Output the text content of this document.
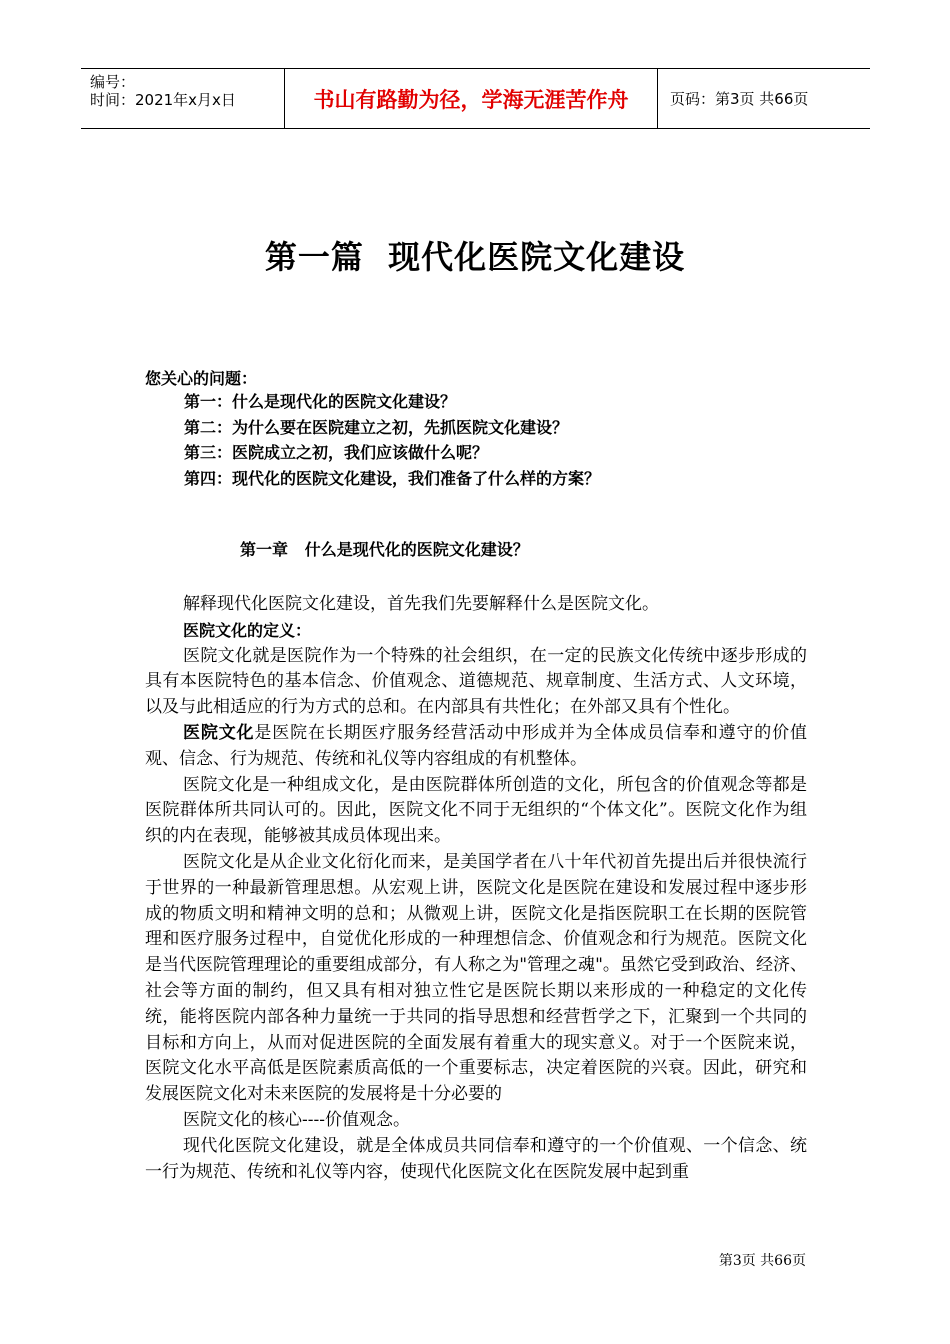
编号：
时间：2021年x月x日	书山有路勤为径，学海无涯苦作舟	页码：第3页 共66页
第一篇  现代化医院文化建设
您关心的问题：
第一：什么是现代化的医院文化建设？
第二：为什么要在医院建立之初，先抓医院文化建设？
第三：医院成立之初，我们应该做什么呢？
第四：现代化的医院文化建设，我们准备了什么样的方案？
第一章   什么是现代化的医院文化建设？

解释现代化医院文化建设，首先我们先要解释什么是医院文化。

医院文化的定义：

医院文化就是医院作为一个特殊的社会组织，在一定的民族文化传统中逐步形成的具有本医院特色的基本信念、价值观念、道德规范、规章制度、生活方式、人文环境，以及与此相适应的行为方式的总和。在内部具有共性化；在外部又具有个性化。

医院文化是医院在长期医疗服务经营活动中形成并为全体成员信奉和遵守的价值观、信念、行为规范、传统和礼仪等内容组成的有机整体。

医院文化是一种组成文化，是由医院群体所创造的文化，所包含的价值观念等都是医院群体所共同认可的。因此，医院文化不同于无组织的“个体文化”。医院文化作为组织的内在表现，能够被其成员体现出来。

医院文化是从企业文化衍化而来，是美国学者在八十年代初首先提出后并很快流行于世界的一种最新管理思想。从宏观上讲，医院文化是医院在建设和发展过程中逐步形成的物质文明和精神文明的总和；从微观上讲，医院文化是指医院职工在长期的医院管理和医疗服务过程中，自觉优化形成的一种理想信念、价值观念和行为规范。医院文化是当代医院管理理论的重要组成部分，有人称之为"管理之魂"。虽然它受到政治、经济、社会等方面的制约，但又具有相对独立性它是医院长期以来形成的一种稳定的文化传统，能将医院内部各种力量统一于共同的指导思想和经营哲学之下，汇聚到一个共同的目标和方向上，从而对促进医院的全面发展有着重大的现实意义。对于一个医院来说，医院文化水平高低是医院素质高低的一个重要标志，决定着医院的兴衰。因此，研究和发展医院文化对未来医院的发展将是十分必要的

医院文化的核心----价值观念。

现代化医院文化建设，就是全体成员共同信奉和遵守的一个价值观、一个信念、统一行为规范、传统和礼仪等内容，使现代化医院文化在医院发展中起到重

第3页 共66页
